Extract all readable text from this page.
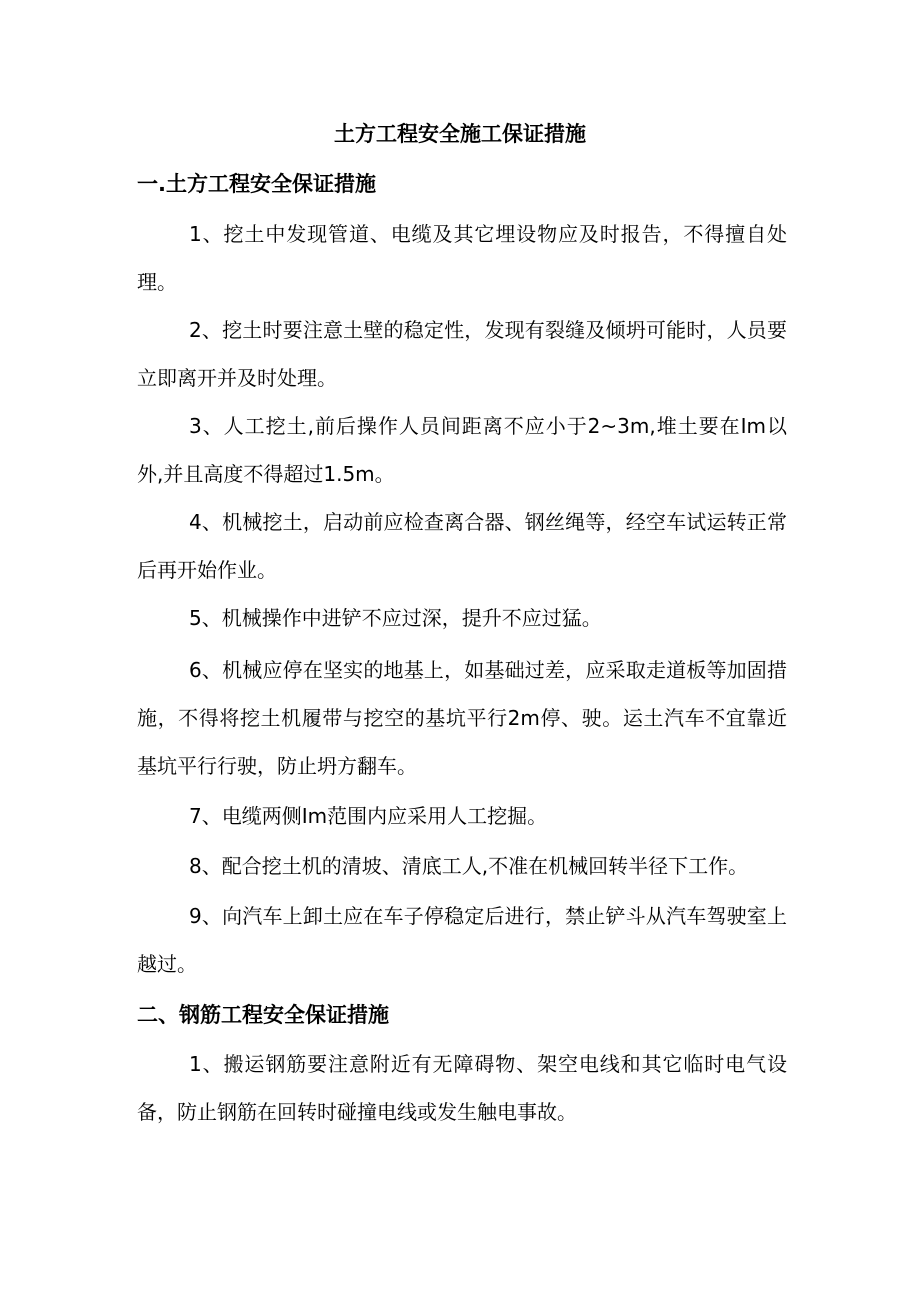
土方工程安全施工保证措施
一.土方工程安全保证措施

1、挖土中发现管道、电缆及其它埋设物应及时报告，不得擅自处理。

2、挖土时要注意土壁的稳定性，发现有裂缝及倾坍可能时，人员要立即离开并及时处理。

3、人工挖土,前后操作人员间距离不应小于2~3m,堆土要在Im以外,并且高度不得超过1.5m。

4、机械挖土，启动前应检查离合器、钢丝绳等，经空车试运转正常后再开始作业。

5、机械操作中进铲不应过深，提升不应过猛。

6、机械应停在坚实的地基上，如基础过差，应采取走道板等加固措施，不得将挖土机履带与挖空的基坑平行2m停、驶。运土汽车不宜靠近基坑平行行驶，防止坍方翻车。

7、电缆两侧Im范围内应采用人工挖掘。

8、配合挖土机的清坡、清底工人,不准在机械回转半径下工作。

9、向汽车上卸土应在车子停稳定后进行，禁止铲斗从汽车驾驶室上越过。

二、钢筋工程安全保证措施

1、搬运钢筋要注意附近有无障碍物、架空电线和其它临时电气设备，防止钢筋在回转时碰撞电线或发生触电事故。
